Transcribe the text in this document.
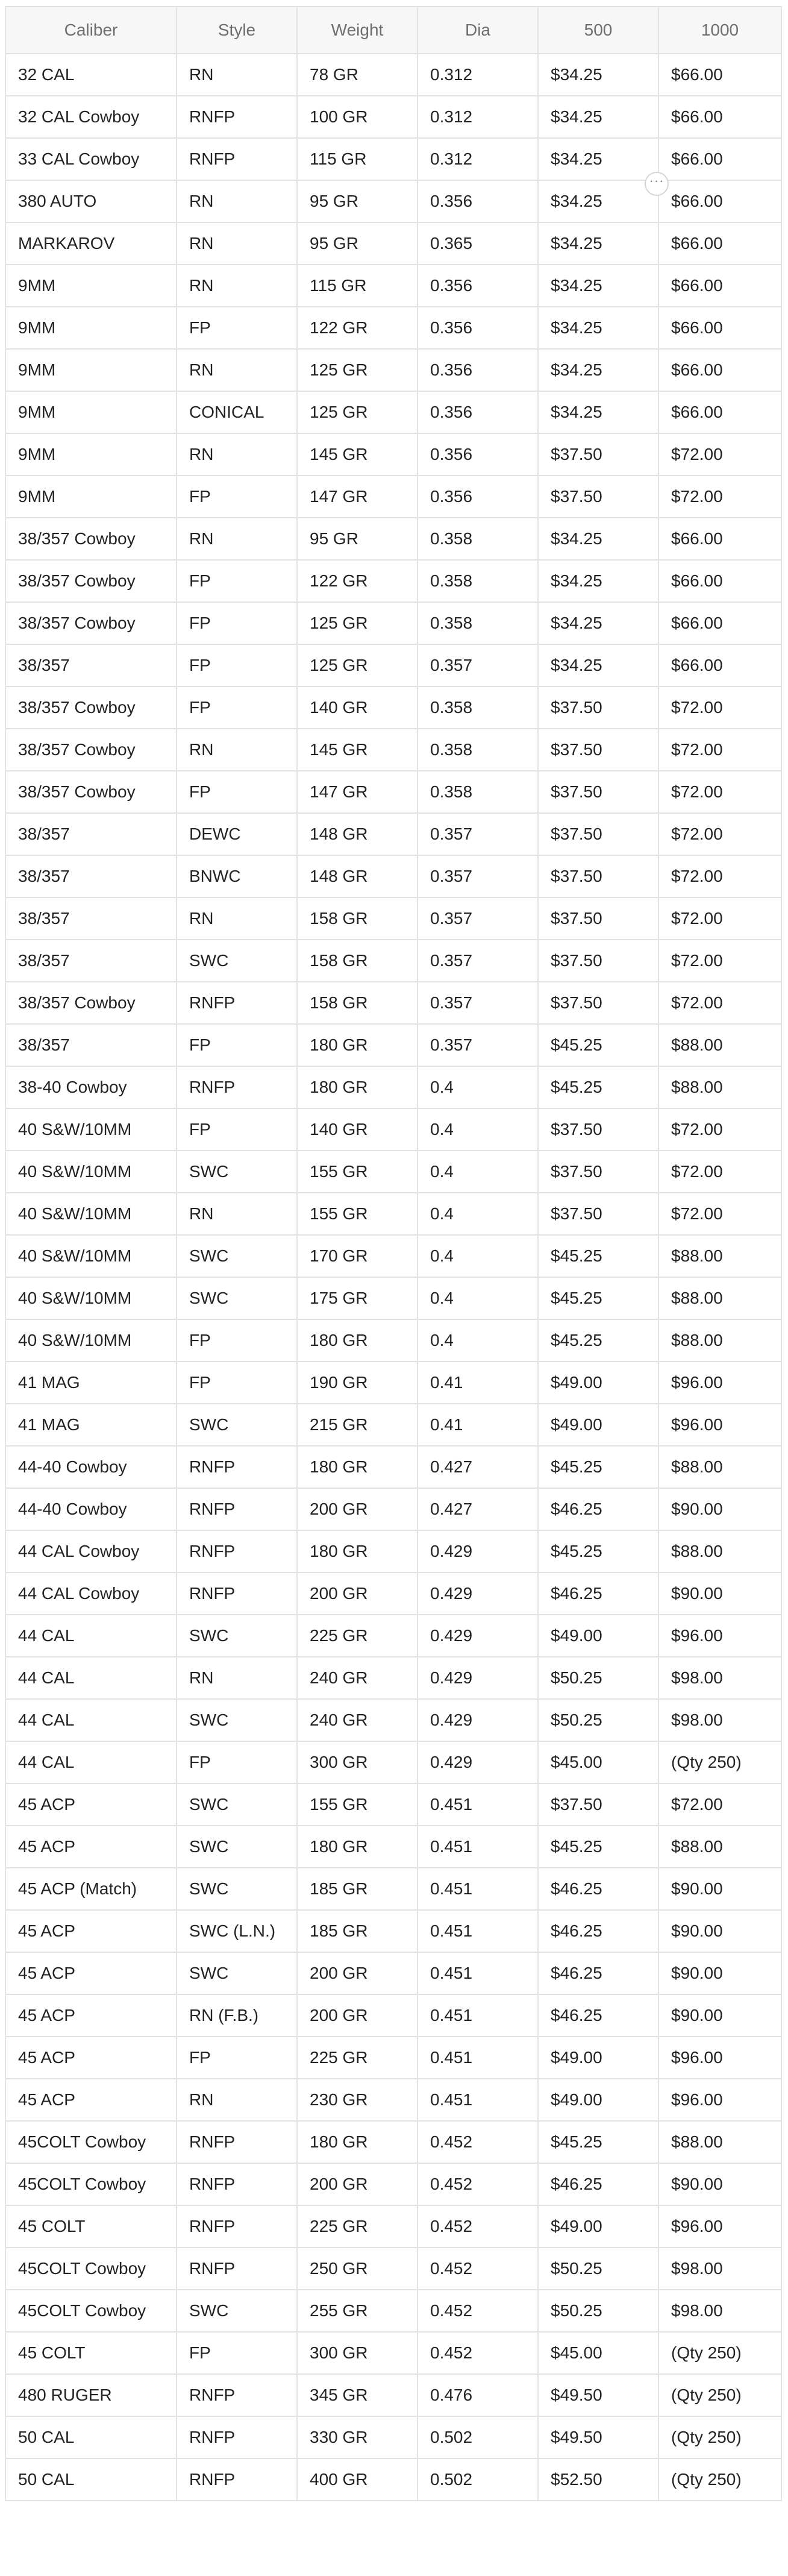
Caliber	Style	Weight	Dia	500	1000
32 CAL	RN	78 GR	0.312	$34.25	$66.00
32 CAL Cowboy	RNFP	100 GR	0.312	$34.25	$66.00
33 CAL Cowboy	RNFP	115 GR	0.312	$34.25	$66.00
380 AUTO	RN	95 GR	0.356	$34.25	$66.00
MARKAROV	RN	95 GR	0.365	$34.25	$66.00
9MM	RN	115 GR	0.356	$34.25	$66.00
9MM	FP	122 GR	0.356	$34.25	$66.00
9MM	RN	125 GR	0.356	$34.25	$66.00
9MM	CONICAL	125 GR	0.356	$34.25	$66.00
9MM	RN	145 GR	0.356	$37.50	$72.00
9MM	FP	147 GR	0.356	$37.50	$72.00
38/357 Cowboy	RN	95 GR	0.358	$34.25	$66.00
38/357 Cowboy	FP	122 GR	0.358	$34.25	$66.00
38/357 Cowboy	FP	125 GR	0.358	$34.25	$66.00
38/357	FP	125 GR	0.357	$34.25	$66.00
38/357 Cowboy	FP	140 GR	0.358	$37.50	$72.00
38/357 Cowboy	RN	145 GR	0.358	$37.50	$72.00
38/357 Cowboy	FP	147 GR	0.358	$37.50	$72.00
38/357	DEWC	148 GR	0.357	$37.50	$72.00
38/357	BNWC	148 GR	0.357	$37.50	$72.00
38/357	RN	158 GR	0.357	$37.50	$72.00
38/357	SWC	158 GR	0.357	$37.50	$72.00
38/357 Cowboy	RNFP	158 GR	0.357	$37.50	$72.00
38/357	FP	180 GR	0.357	$45.25	$88.00
38-40 Cowboy	RNFP	180 GR	0.4	$45.25	$88.00
40 S&W/10MM	FP	140 GR	0.4	$37.50	$72.00
40 S&W/10MM	SWC	155 GR	0.4	$37.50	$72.00
40 S&W/10MM	RN	155 GR	0.4	$37.50	$72.00
40 S&W/10MM	SWC	170 GR	0.4	$45.25	$88.00
40 S&W/10MM	SWC	175 GR	0.4	$45.25	$88.00
40 S&W/10MM	FP	180 GR	0.4	$45.25	$88.00
41 MAG	FP	190 GR	0.41	$49.00	$96.00
41 MAG	SWC	215 GR	0.41	$49.00	$96.00
44-40 Cowboy	RNFP	180 GR	0.427	$45.25	$88.00
44-40 Cowboy	RNFP	200 GR	0.427	$46.25	$90.00
44 CAL Cowboy	RNFP	180 GR	0.429	$45.25	$88.00
44 CAL Cowboy	RNFP	200 GR	0.429	$46.25	$90.00
44 CAL	SWC	225 GR	0.429	$49.00	$96.00
44 CAL	RN	240 GR	0.429	$50.25	$98.00
44 CAL	SWC	240 GR	0.429	$50.25	$98.00
44 CAL	FP	300 GR	0.429	$45.00	(Qty 250)
45 ACP	SWC	155 GR	0.451	$37.50	$72.00
45 ACP	SWC	180 GR	0.451	$45.25	$88.00
45 ACP (Match)	SWC	185 GR	0.451	$46.25	$90.00
45 ACP	SWC (L.N.)	185 GR	0.451	$46.25	$90.00
45 ACP	SWC	200 GR	0.451	$46.25	$90.00
45 ACP	RN (F.B.)	200 GR	0.451	$46.25	$90.00
45 ACP	FP	225 GR	0.451	$49.00	$96.00
45 ACP	RN	230 GR	0.451	$49.00	$96.00
45COLT Cowboy	RNFP	180 GR	0.452	$45.25	$88.00
45COLT Cowboy	RNFP	200 GR	0.452	$46.25	$90.00
45 COLT	RNFP	225 GR	0.452	$49.00	$96.00
45COLT Cowboy	RNFP	250 GR	0.452	$50.25	$98.00
45COLT Cowboy	SWC	255 GR	0.452	$50.25	$98.00
45 COLT	FP	300 GR	0.452	$45.00	(Qty 250)
480 RUGER	RNFP	345 GR	0.476	$49.50	(Qty 250)
50 CAL	RNFP	330 GR	0.502	$49.50	(Qty 250)
50 CAL	RNFP	400 GR	0.502	$52.50	(Qty 250)
···
